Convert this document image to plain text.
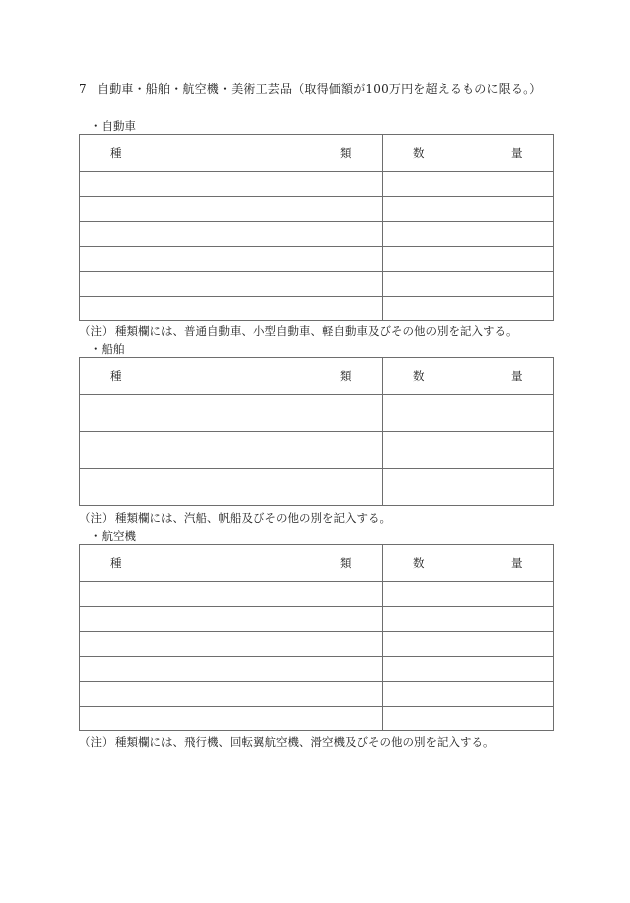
7 自動車・船舶・航空機・美術工芸品（取得価額が100万円を超えるものに限る。）
・自動車
種 類	数 量

（注） 種類欄には、普通自動車、小型自動車、軽自動車及びその他の別を記入する。
・船舶
種 類	数 量

（注） 種類欄には、汽船、帆船及びその他の別を記入する。
・航空機
種 類	数 量

（注） 種類欄には、飛行機、回転翼航空機、滑空機及びその他の別を記入する。
